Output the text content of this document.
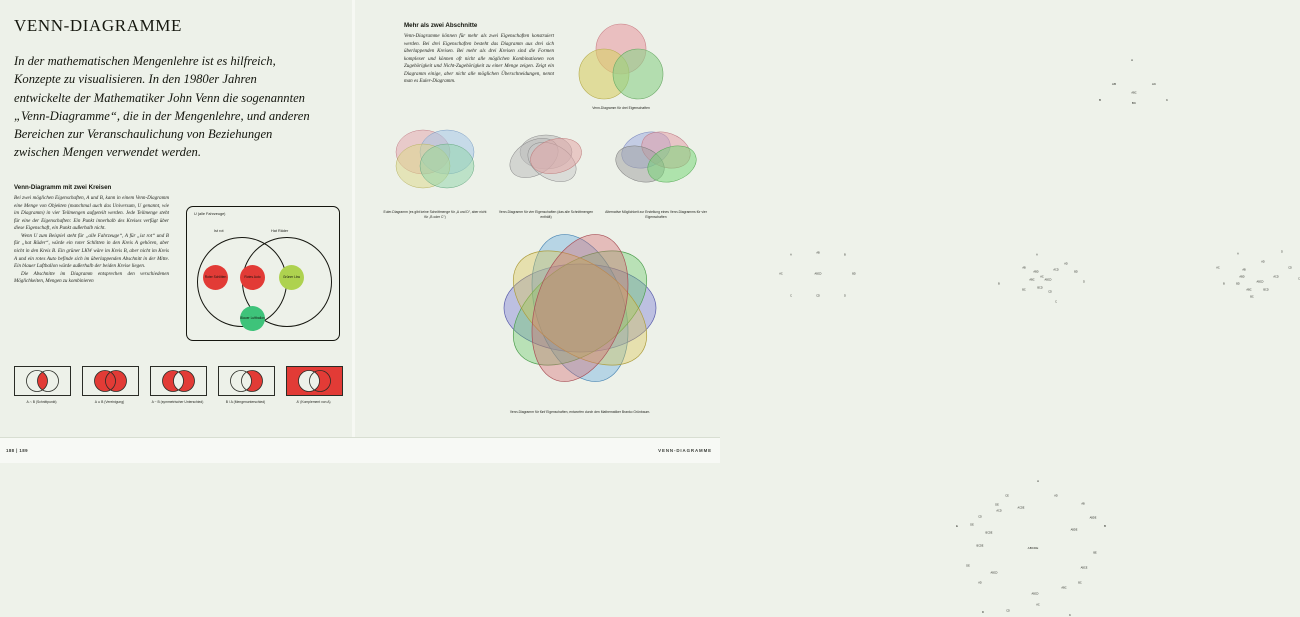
188 | 189	VENN-DIAGRAMME
VENN-DIAGRAMME
In der mathematischen Mengenlehre ist es hilfreich, Konzepte zu visualisieren. In den 1980er Jahren entwickelte der Mathematiker John Venn die sogenannten „Venn-Diagramme“, die in der Mengenlehre, und anderen Bereichen zur Veranschaulichung von Beziehungen zwischen Mengen verwendet werden.
Venn-Diagramm mit zwei Kreisen

Bei zwei möglichen Eigenschaften, A und B, kann in einem Venn-Diagramm eine Menge von Objekten (manchmal auch das Universum, U genannt, wie im Diagramm) in vier Teilmengen aufgeteilt werden. Jede Teilmenge steht für eine der Eigenschaften: Ein Punkt innerhalb des Kreises verfügt über diese Eigenschaft, ein Punkt außerhalb nicht.

Wenn U zum Beispiel steht für „alle Fahrzeuge“, A für „ist rot“ und B für „hat Räder“, würde ein roter Schlitten in den Kreis A gehören, aber nicht in den Kreis B. Ein grüner LKW wäre im Kreis B, aber nicht im Kreis A und ein rotes Auto befinde sich im überlappenden Abschnitt in der Mitte. Ein blauer Luftballon würde außerhalb der beiden Kreise liegen.

Die Abschnitte im Diagramm entsprechen den verschiedenen Möglichkeiten, Mengen zu kombinieren

U (alle Fahrzeuge)
Ist rot	Hat Räder
Roter Schlitten	Rotes Auto	Grüner Lkw
Blauer Luftballon
A ∩ B (Schnittpunkt)	A ∪ B (Vereinigung)	A − B (symmetrischer Unterschied)	B \ A (Mengenunterschied)	A' (Komplement von A)
Mehr als zwei Abschnitte

Venn-Diagramme können für mehr als zwei Eigenschaften konstruiert werden. Bei drei Eigenschaften besteht das Diagramm aus drei sich überlappenden Kreisen. Bei mehr als drei Kreisen sind die Formen komplexer und können oft nicht alle möglichen Kombinationen von Zugehörigkeit und Nicht-Zugehörigkeit zu einer Menge zeigen. Zeigt ein Diagramm einige, aber nicht alle möglichen Überschneidungen, nennt man es Euler-Diagramm.

A
B	C
AB	AC
BC
ABC
Venn-Diagramm für drei Eigenschaften
A
AB
B
AC	ABCD	BD
C	CD	D
Euler-Diagramm (es gibt keine Schnittmenge für „A und D“, aber nicht für „B oder C“)
A
B
C
D
AB
AC
AD
BC
BD
CD
ABC
ABD
ACD
BCD
ABCD
Venn-Diagramm für vier Eigenschaften (das alle Schnittmengen enthält)
A
B
C
D
AB
AC
AD
BC
BD
CD
ABC
ABD	ACD
BCD
ABCD
Alternative Möglichkeit zur Erstellung eines Venn-Diagramms für vier Eigenschaften
A
B
C
D
E
CE	AD
AB
DE
CD
DE
BE
BC
AC
CD
AD
DE
ACD
ACDE
ABDE
ABDE
BCDE
ABCD
ABCD
ABCE
ABC
BCDE
ABCDE
Venn-Diagramm für fünf Eigenschaften, entworfen durch den Mathematiker Branko Grünbaum.
